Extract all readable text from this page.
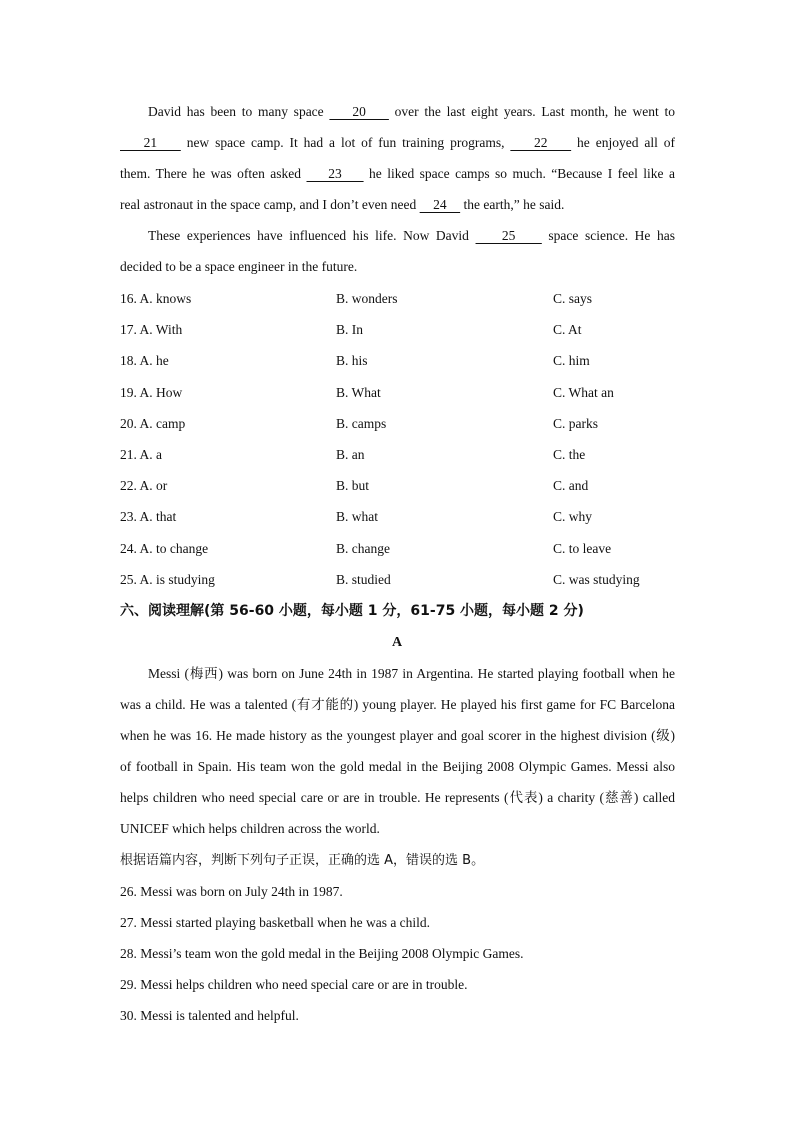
David has been to many space     20     over the last eight years. Last month, he went to
21     new space camp. It had a lot of fun training programs,     22     he enjoyed all of
them. There he was often asked     23     he liked space camps so much. “Because I feel like a
real astronaut in the space camp, and I don’t even need     24     the earth,” he said.
These experiences have influenced his life. Now David     25     space science. He has
decided to be a space engineer in the future.
16. A. knows	B. wonders	C. says
17. A. With	B. In	C. At
18. A. he	B. his	C. him
19. A. How	B. What	C. What an
20. A. camp	B. camps	C. parks
21. A. a	B. an	C. the
22. A. or	B. but	C. and
23. A. that	B. what	C. why
24. A. to change	B. change	C. to leave
25. A. is studying	B. studied	C. was studying
六、阅读理解(第 56-60 小题，每小题 1 分，61-75 小题，每小题 2 分)
A
Messi (梅西) was born on June 24th in 1987 in Argentina. He started playing football when he
was a child. He was a talented (有才能的) young player. He played his first game for FC Barcelona
when he was 16. He made history as the youngest player and goal scorer in the highest division (级)
of football in Spain. His team won the gold medal in the Beijing 2008 Olympic Games. Messi also
helps children who need special care or are in trouble. He represents (代表) a charity (慈善) called
UNICEF which helps children across the world.
根据语篇内容，判断下列句子正误，正确的选 A，错误的选 B。
26. Messi was born on July 24th in 1987.
27. Messi started playing basketball when he was a child.
28. Messi’s team won the gold medal in the Beijing 2008 Olympic Games.
29. Messi helps children who need special care or are in trouble.
30. Messi is talented and helpful.
